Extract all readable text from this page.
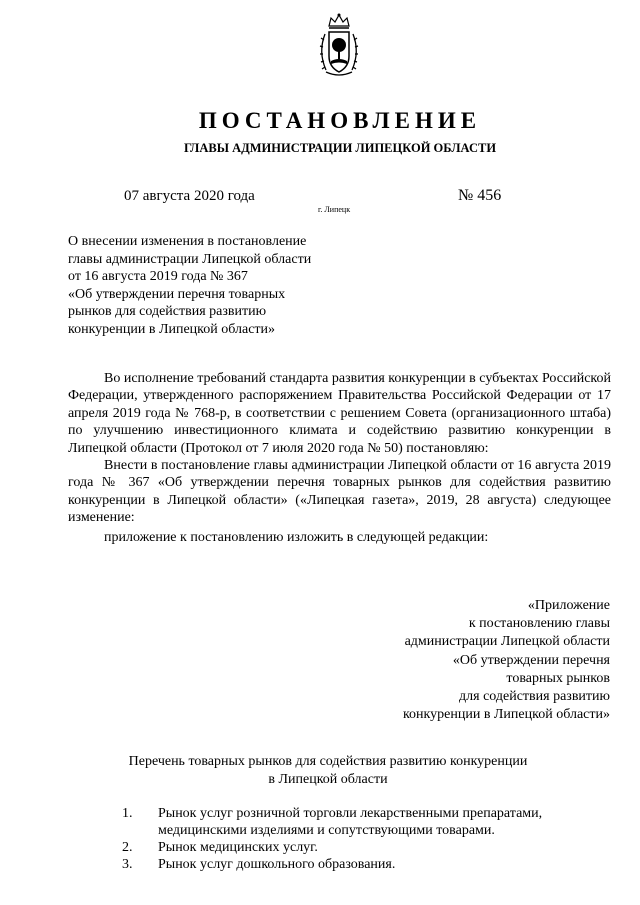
ПОСТАНОВЛЕНИЕ
ГЛАВЫ АДМИНИСТРАЦИИ ЛИПЕЦКОЙ ОБЛАСТИ
07 августа 2020 года
г. Липецк
№ 456
О внесении изменения в постановление
главы администрации Липецкой области
от 16 августа 2019 года № 367
«Об утверждении перечня товарных
рынков для содействия развитию
конкуренции в Липецкой области»

Во исполнение требований стандарта развития конкуренции в субъектах Российской Федерации, утвержденного распоряжением Правительства Российской Федерации от 17 апреля 2019 года № 768-р, в соответствии с решением Совета (организационного штаба) по улучшению инвестиционного климата и содействию развитию конкуренции в Липецкой области (Протокол от 7 июля 2020 года № 50) постановляю:

Внести в постановление главы администрации Липецкой области от 16 августа 2019 года № 367 «Об утверждении перечня товарных рынков для содействия развитию конкуренции в Липецкой области» («Липецкая газета», 2019, 28 августа) следующее изменение:

приложение к постановлению изложить в следующей редакции:

«Приложение
к постановлению главы
администрации Липецкой области
«Об утверждении перечня
товарных рынков
для содействия развитию
конкуренции в Липецкой области»
Перечень товарных рынков для содействия развитию конкуренции
в Липецкой области
1.	Рынок услуг розничной торговли лекарственными препаратами, медицинскими изделиями и сопутствующими товарами.
2.	Рынок медицинских услуг.
3.	Рынок услуг дошкольного образования.
